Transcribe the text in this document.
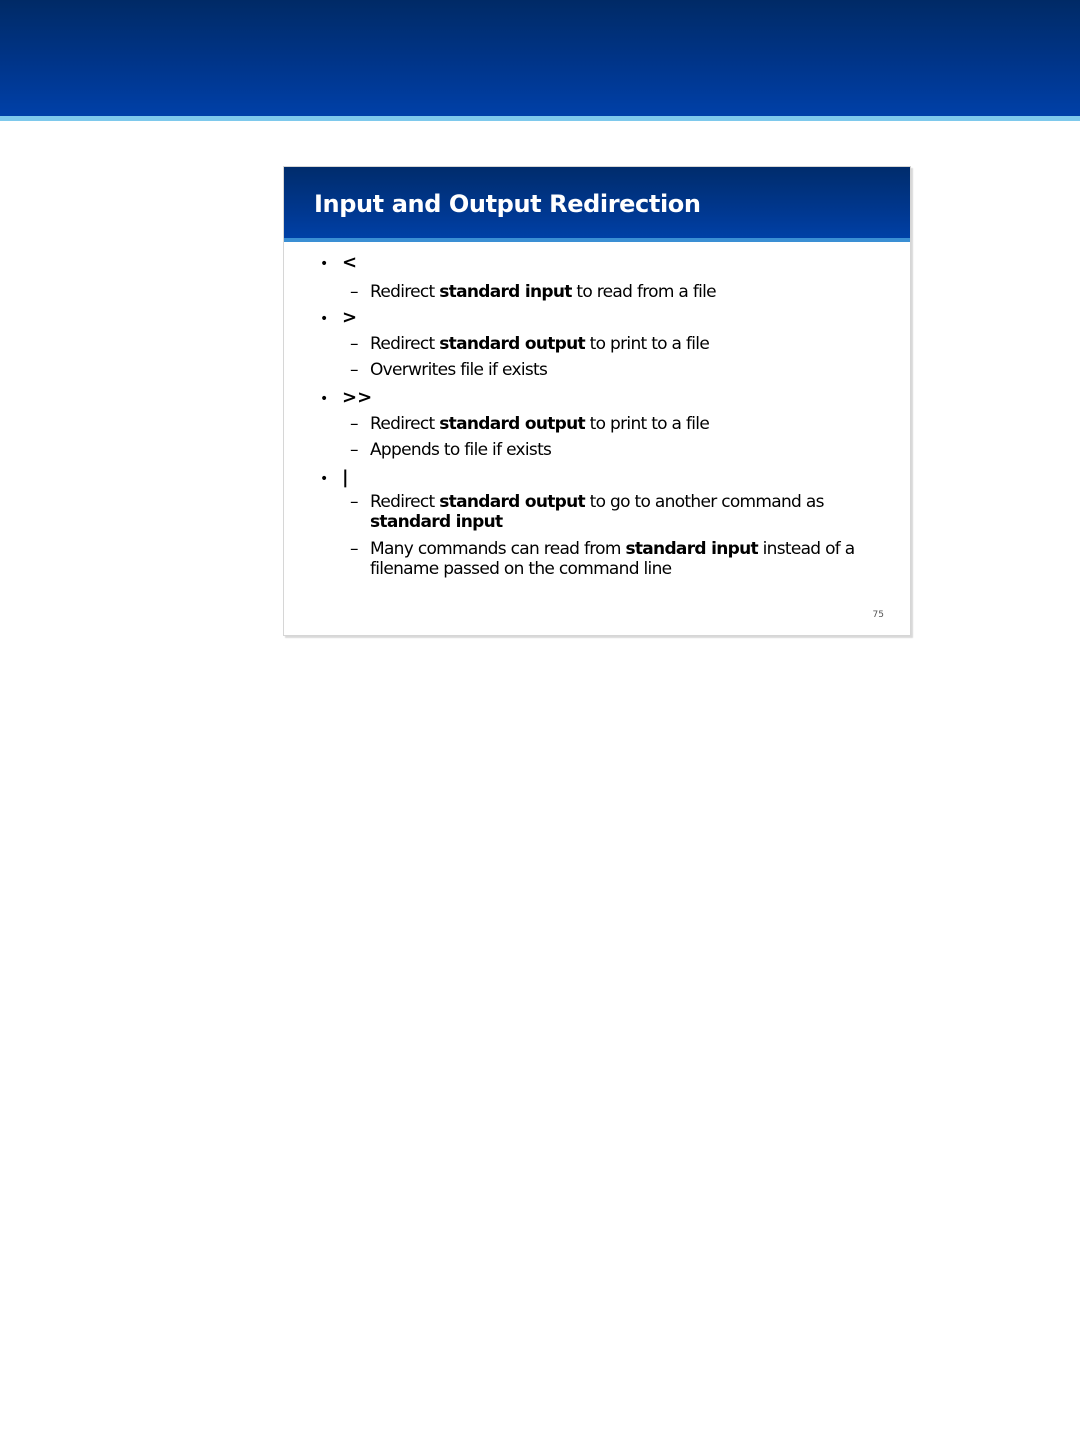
Input and Output Redirection
• <
– Redirect standard input to read from a file
• >
– Redirect standard output to print to a file
– Overwrites file if exists
• >>
– Redirect standard output to print to a file
– Appends to file if exists
• |
– Redirect standard output to go to another command as standard input
– Many commands can read from standard input instead of a filename passed on the command line
75
